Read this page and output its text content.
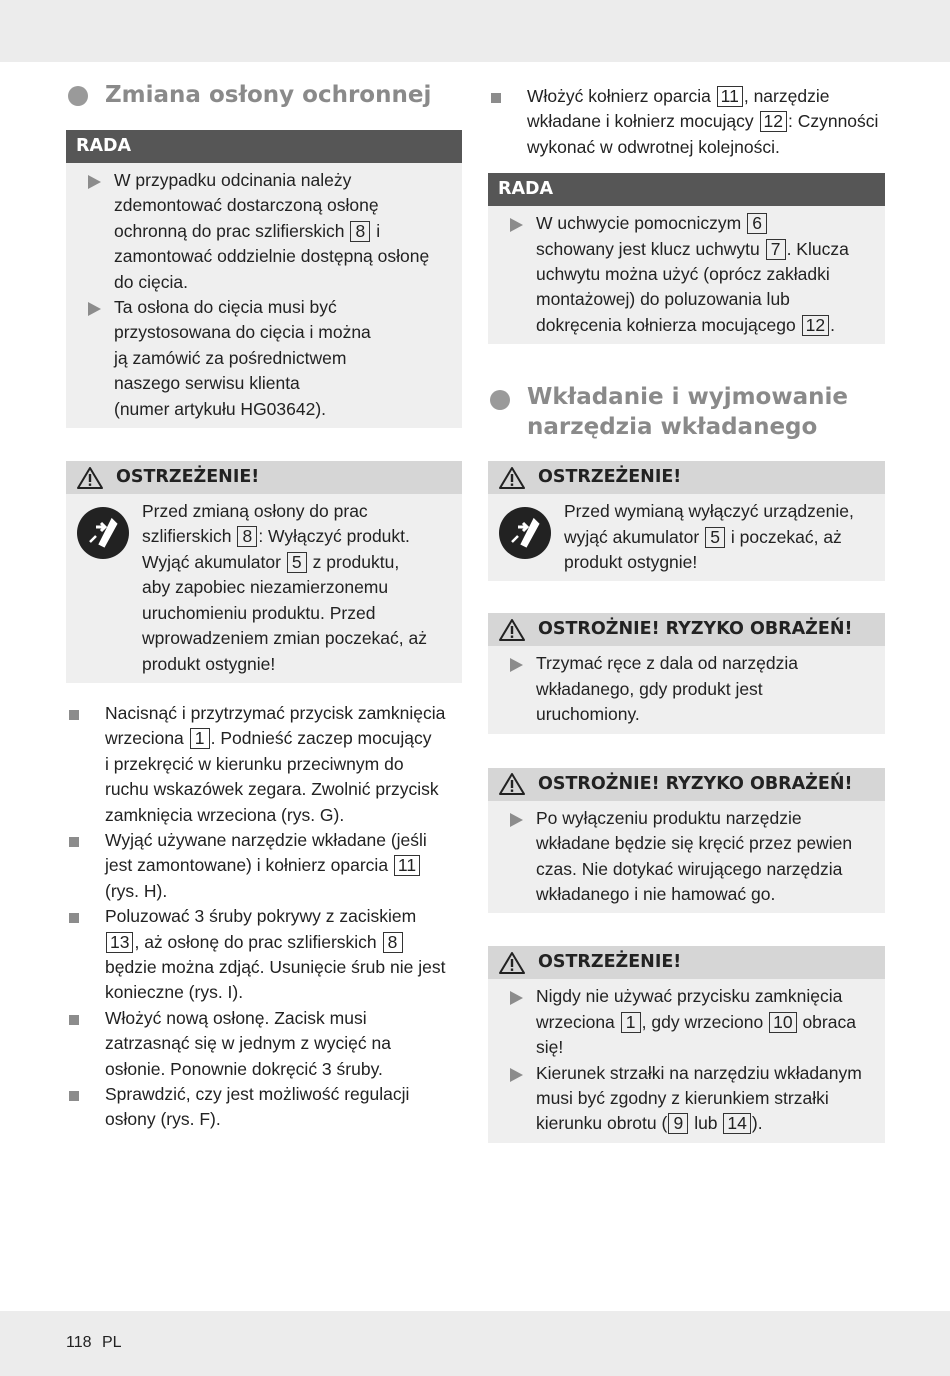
Zmiana osłony ochronnej
RADA
W przypadku odcinania należy
zdemontować dostarczoną osłonę
ochronną do prac szlifierskich 8 i
zamontować oddzielnie dostępną osłonę
do cięcia.
Ta osłona do cięcia musi być
przystosowana do cięcia i można
ją zamówić za pośrednictwem
naszego serwisu klienta
(numer artykułu HG03642).
OSTRZEŻENIE!
Przed zmianą osłony do prac
szlifierskich 8 : Wyłączyć produkt.
Wyjąć akumulator 5 z produktu,
aby zapobiec niezamierzonemu
uruchomieniu produktu. Przed
wprowadzeniem zmian poczekać, aż
produkt ostygnie!
Nacisnąć i przytrzymać przycisk zamknięcia
wrzeciona 1 . Podnieść zaczep mocujący
i przekręcić w kierunku przeciwnym do
ruchu wskazówek zegara. Zwolnić przycisk
zamknięcia wrzeciona (rys. G).
Wyjąć używane narzędzie wkładane (jeśli
jest zamontowane) i kołnierz oparcia 11
(rys. H).
Poluzować 3 śruby pokrywy z zaciskiem
13 , aż osłonę do prac szlifierskich 8
będzie można zdjąć. Usunięcie śrub nie jest
konieczne (rys. I).
Włożyć nową osłonę. Zacisk musi
zatrzasnąć się w jednym z wycięć na
osłonie. Ponownie dokręcić 3 śruby.
Sprawdzić, czy jest możliwość regulacji
osłony (rys. F).
Włożyć kołnierz oparcia 11 , narzędzie
wkładane i kołnierz mocujący 12 : Czynności
wykonać w odwrotnej kolejności.
RADA
W uchwycie pomocniczym 6
schowany jest klucz uchwytu 7 . Klucza
uchwytu można użyć (oprócz zakładki
montażowej) do poluzowania lub
dokręcenia kołnierza mocującego 12 .
Wkładanie i wyjmowanie
narzędzia wkładanego
OSTRZEŻENIE!
Przed wymianą wyłączyć urządzenie,
wyjąć akumulator 5 i poczekać, aż
produkt ostygnie!
OSTROŻNIE! RYZYKO OBRAŻEŃ!
Trzymać ręce z dala od narzędzia
wkładanego, gdy produkt jest
uruchomiony.
OSTROŻNIE! RYZYKO OBRAŻEŃ!
Po wyłączeniu produktu narzędzie
wkładane będzie się kręcić przez pewien
czas. Nie dotykać wirującego narzędzia
wkładanego i nie hamować go.
OSTRZEŻENIE!
Nigdy nie używać przycisku zamknięcia
wrzeciona 1 , gdy wrzeciono 10 obraca
się!
Kierunek strzałki na narzędziu wkładanym
musi być zgodny z kierunkiem strzałki
kierunku obrotu ( 9 lub 14 ).
118 PL
